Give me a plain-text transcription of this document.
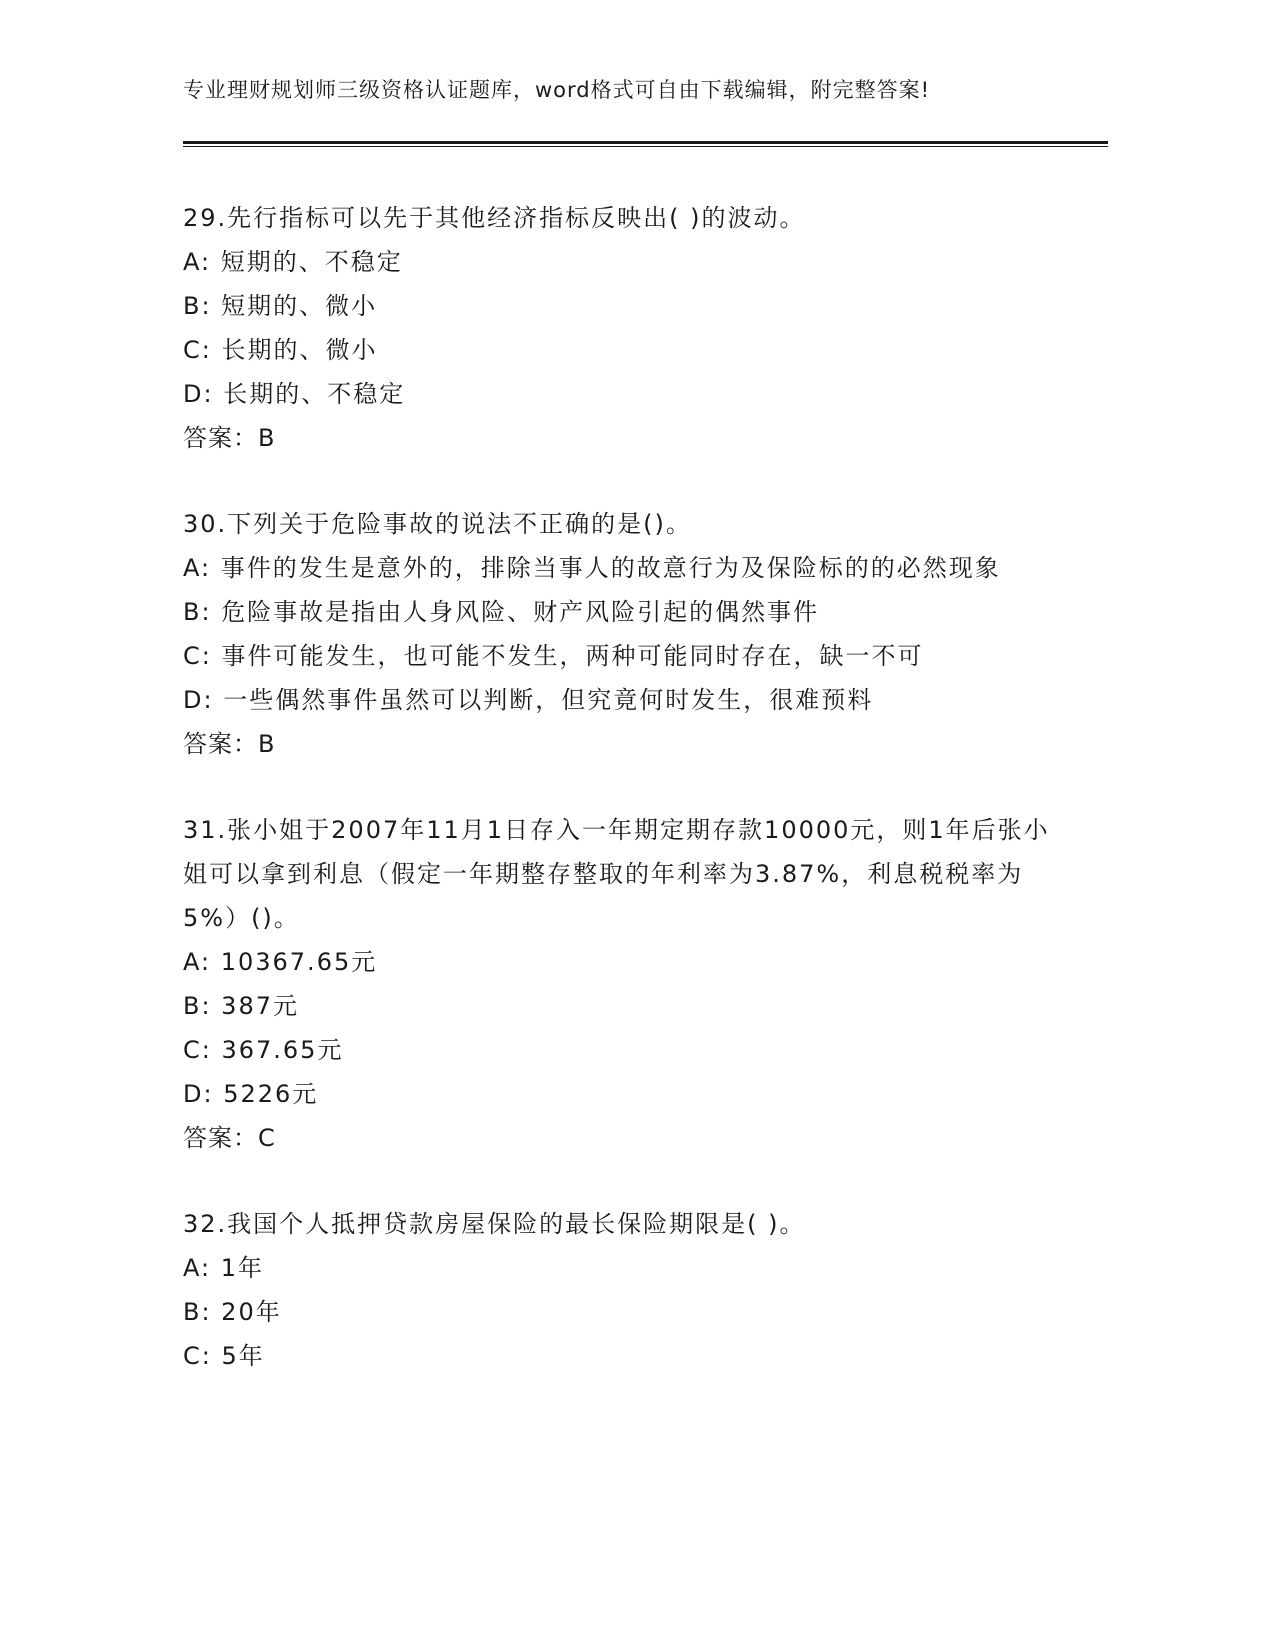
专业理财规划师三级资格认证题库，word格式可自由下载编辑，附完整答案!
29.先行指标可以先于其他经济指标反映出( )的波动。
A: 短期的、不稳定
B: 短期的、微小
C: 长期的、微小
D: 长期的、不稳定
答案：B
30.下列关于危险事故的说法不正确的是()。
A: 事件的发生是意外的，排除当事人的故意行为及保险标的的必然现象
B: 危险事故是指由人身风险、财产风险引起的偶然事件
C: 事件可能发生，也可能不发生，两种可能同时存在，缺一不可
D: 一些偶然事件虽然可以判断，但究竟何时发生，很难预料
答案：B
31.张小姐于2007年11月1日存入一年期定期存款10000元，则1年后张小姐可以拿到利息（假定一年期整存整取的年利率为3.87%，利息税税率为5%）()。
A: 10367.65元
B: 387元
C: 367.65元
D: 5226元
答案：C
32.我国个人抵押贷款房屋保险的最长保险期限是( )。
A: 1年
B: 20年
C: 5年
